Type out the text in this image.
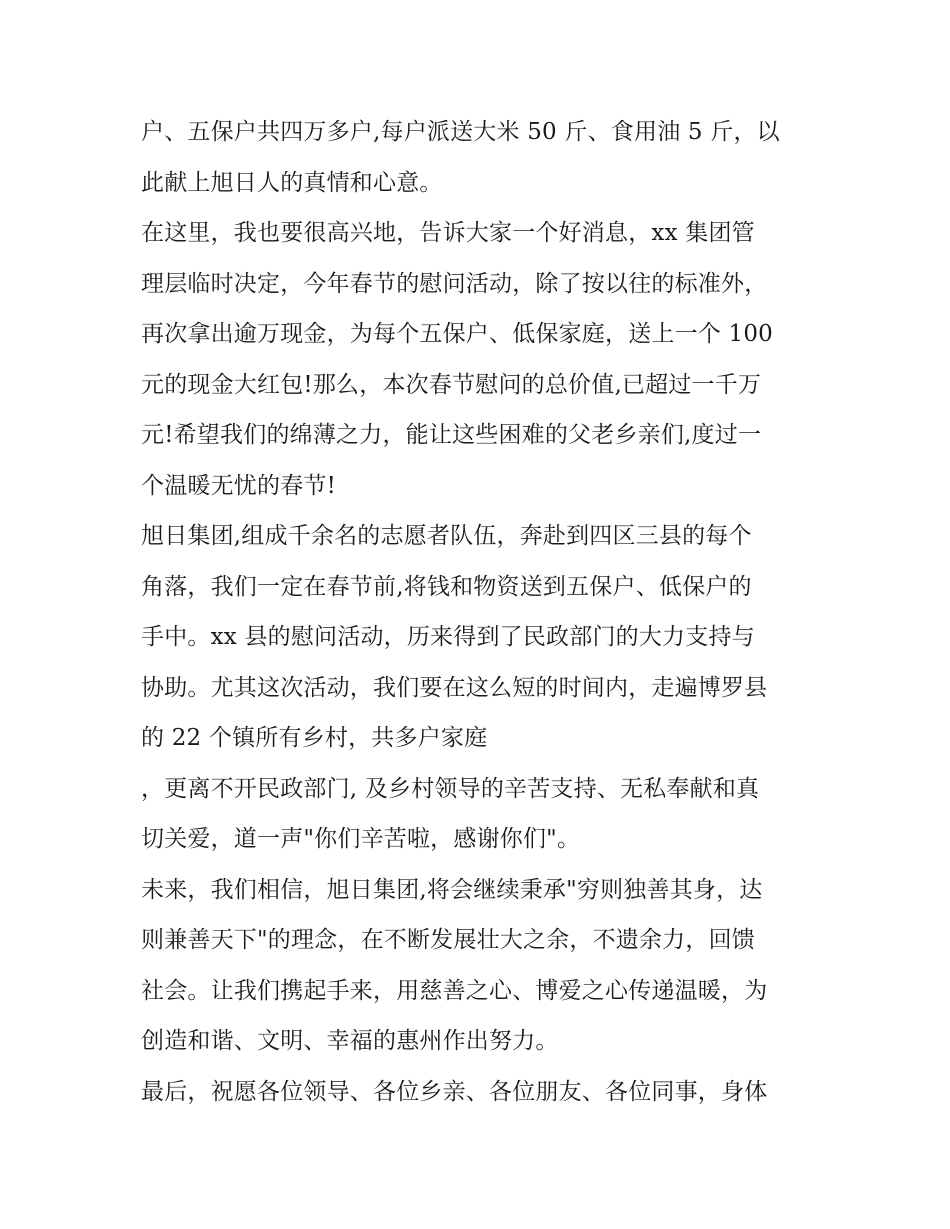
户、五保户共四万多户,每户派送大米 50 斤、食用油 5 斤，以
此献上旭日人的真情和心意。
在这里，我也要很高兴地，告诉大家一个好消息，xx 集团管
理层临时决定，今年春节的慰问活动，除了按以往的标准外，
再次拿出逾万现金，为每个五保户、低保家庭，送上一个 100
元的现金大红包!那么，本次春节慰问的总价值,已超过一千万
元!希望我们的绵薄之力，能让这些困难的父老乡亲们,度过一
个温暖无忧的春节!
旭日集团,组成千余名的志愿者队伍，奔赴到四区三县的每个
角落，我们一定在春节前,将钱和物资送到五保户、低保户的
手中。xx 县的慰问活动，历来得到了民政部门的大力支持与
协助。尤其这次活动，我们要在这么短的时间内，走遍博罗县
的 22 个镇所有乡村，共多户家庭
，更离不开民政部门, 及乡村领导的辛苦支持、无私奉献和真
切关爱，道一声"你们辛苦啦，感谢你们"。
未来，我们相信，旭日集团,将会继续秉承"穷则独善其身，达
则兼善天下"的理念，在不断发展壮大之余，不遗余力，回馈
社会。让我们携起手来，用慈善之心、博爱之心传递温暖，为
创造和谐、文明、幸福的惠州作出努力。
最后，祝愿各位领导、各位乡亲、各位朋友、各位同事，身体
